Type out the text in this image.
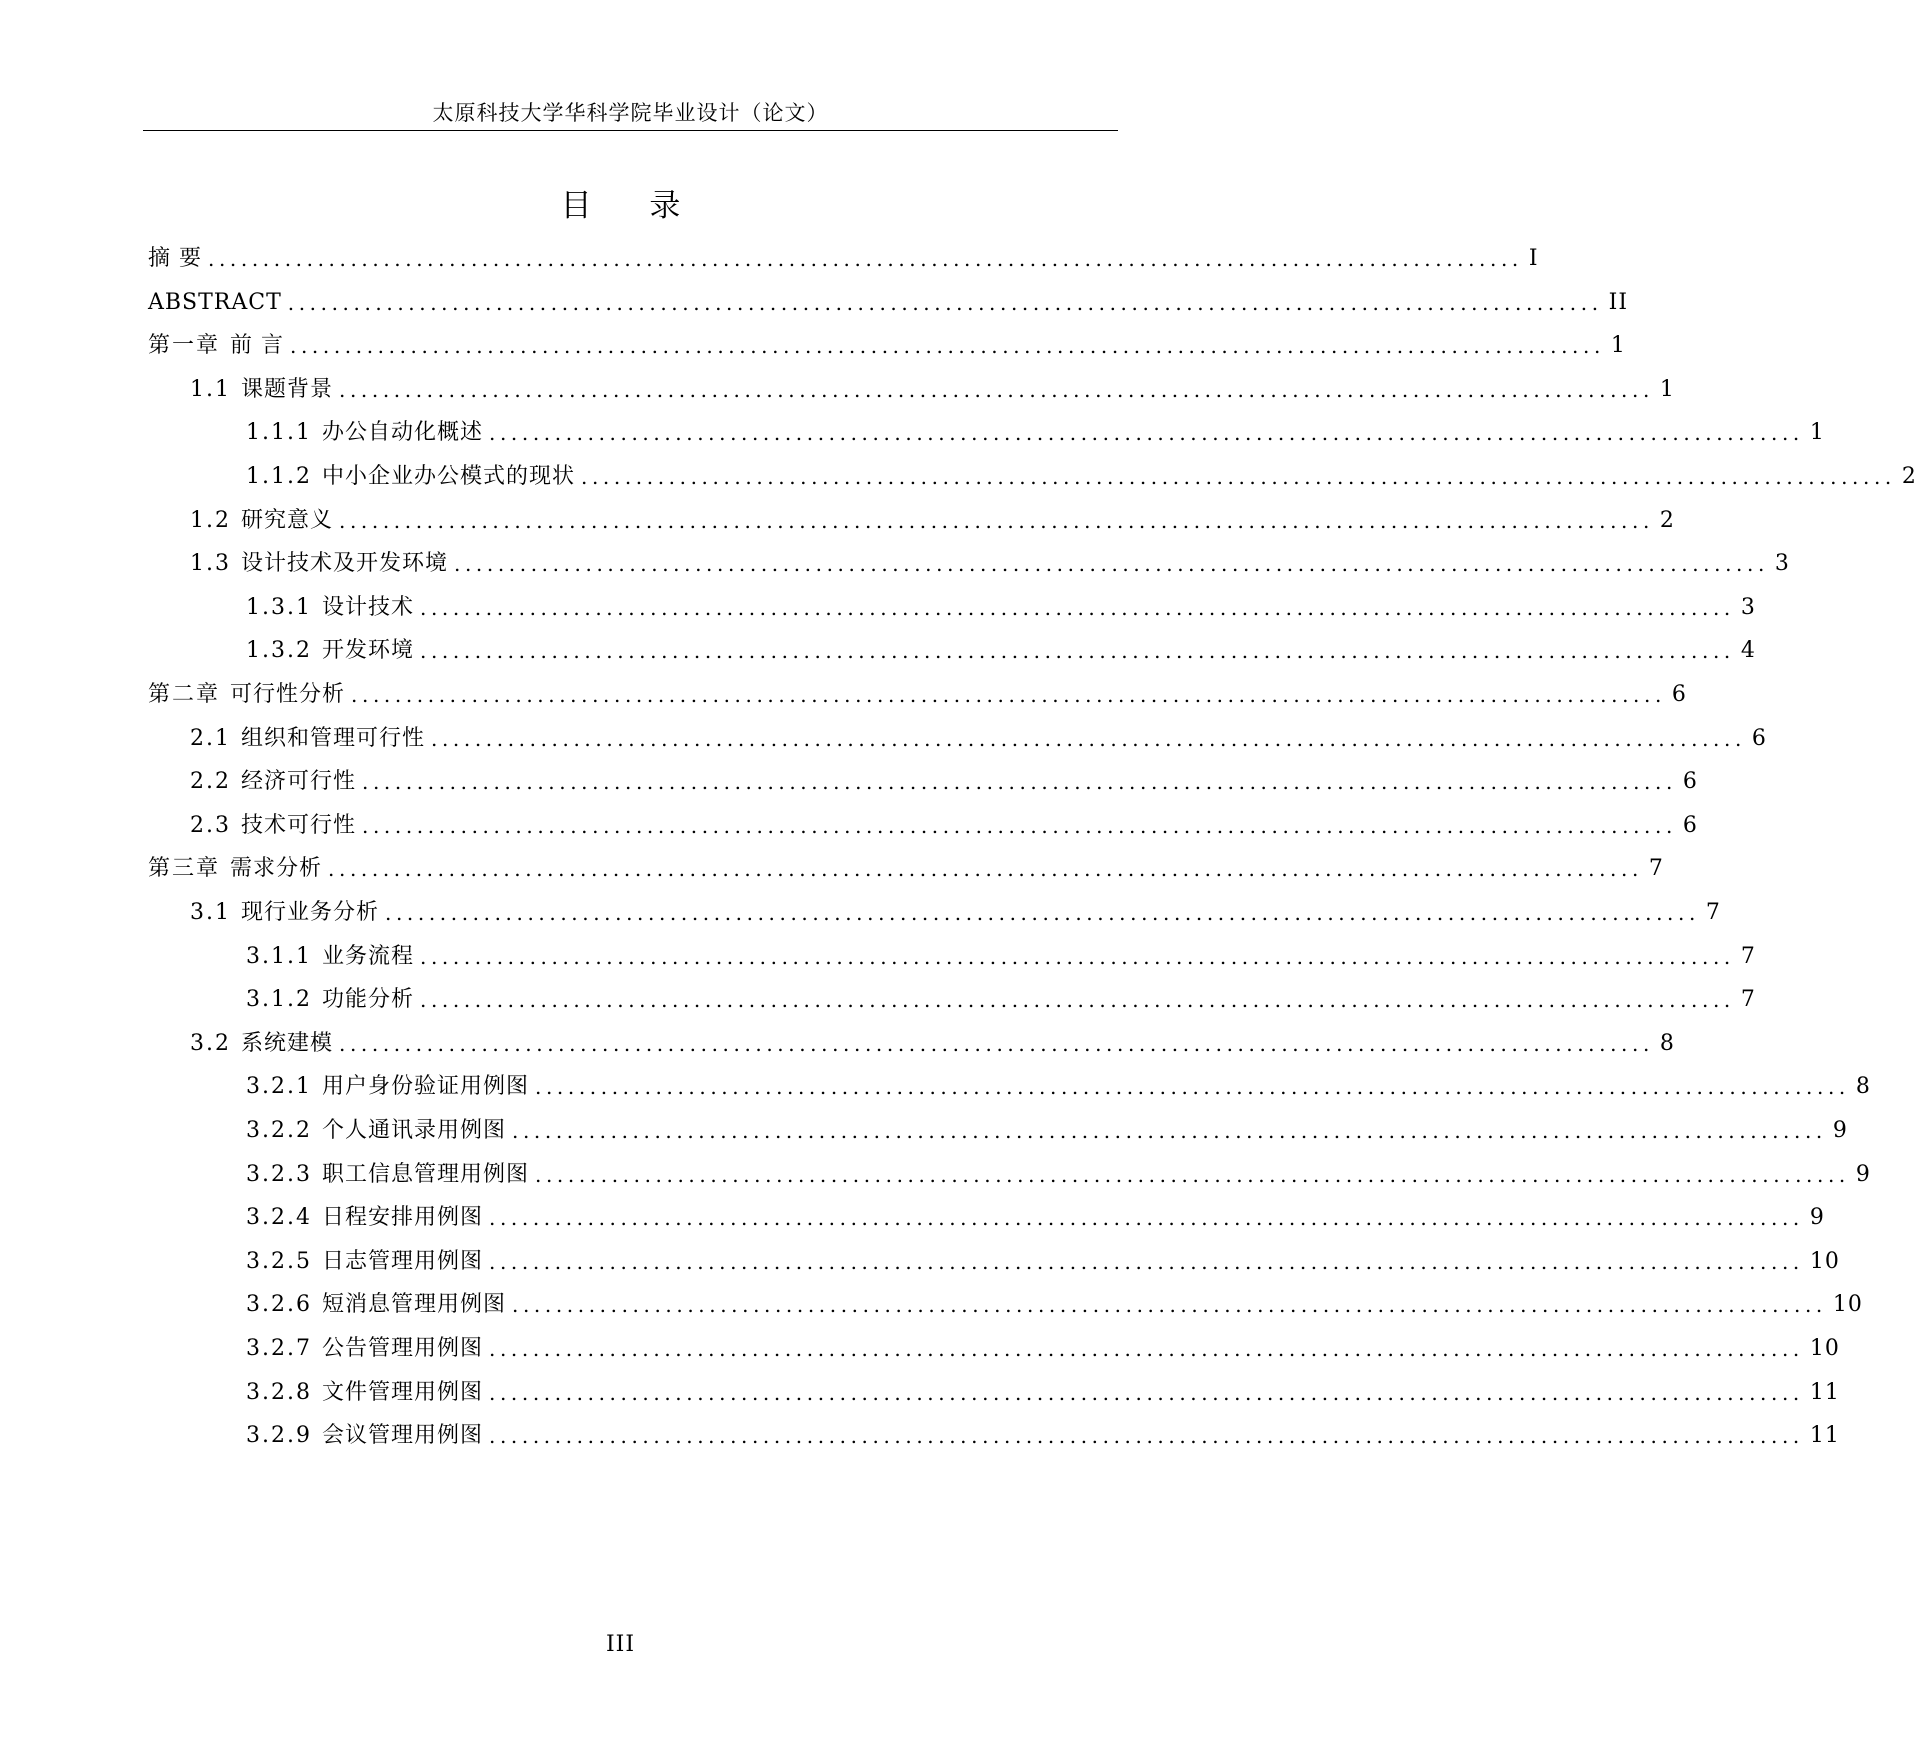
太原科技大学华科学院毕业设计（论文）
目 录
摘 要 ........................................................................................................................ I
ABSTRACT ........................................................................................................................ II
第一章 前 言 ........................................................................................................................ 1
1.1 课题背景 ........................................................................................................................ 1
1.1.1 办公自动化概述 ........................................................................................................................ 1
1.1.2 中小企业办公模式的现状 ........................................................................................................................ 2
1.2 研究意义 ........................................................................................................................ 2
1.3 设计技术及开发环境 ........................................................................................................................ 3
1.3.1 设计技术 ........................................................................................................................ 3
1.3.2 开发环境 ........................................................................................................................ 4
第二章 可行性分析 ........................................................................................................................ 6
2.1 组织和管理可行性 ........................................................................................................................ 6
2.2 经济可行性 ........................................................................................................................ 6
2.3 技术可行性 ........................................................................................................................ 6
第三章 需求分析 ........................................................................................................................ 7
3.1 现行业务分析 ........................................................................................................................ 7
3.1.1 业务流程 ........................................................................................................................ 7
3.1.2 功能分析 ........................................................................................................................ 7
3.2 系统建模 ........................................................................................................................ 8
3.2.1 用户身份验证用例图 ........................................................................................................................ 8
3.2.2 个人通讯录用例图 ........................................................................................................................ 9
3.2.3 职工信息管理用例图 ........................................................................................................................ 9
3.2.4 日程安排用例图 ........................................................................................................................ 9
3.2.5 日志管理用例图 ........................................................................................................................ 10
3.2.6 短消息管理用例图 ........................................................................................................................ 10
3.2.7 公告管理用例图 ........................................................................................................................ 10
3.2.8 文件管理用例图 ........................................................................................................................ 11
3.2.9 会议管理用例图 ........................................................................................................................ 11
III
